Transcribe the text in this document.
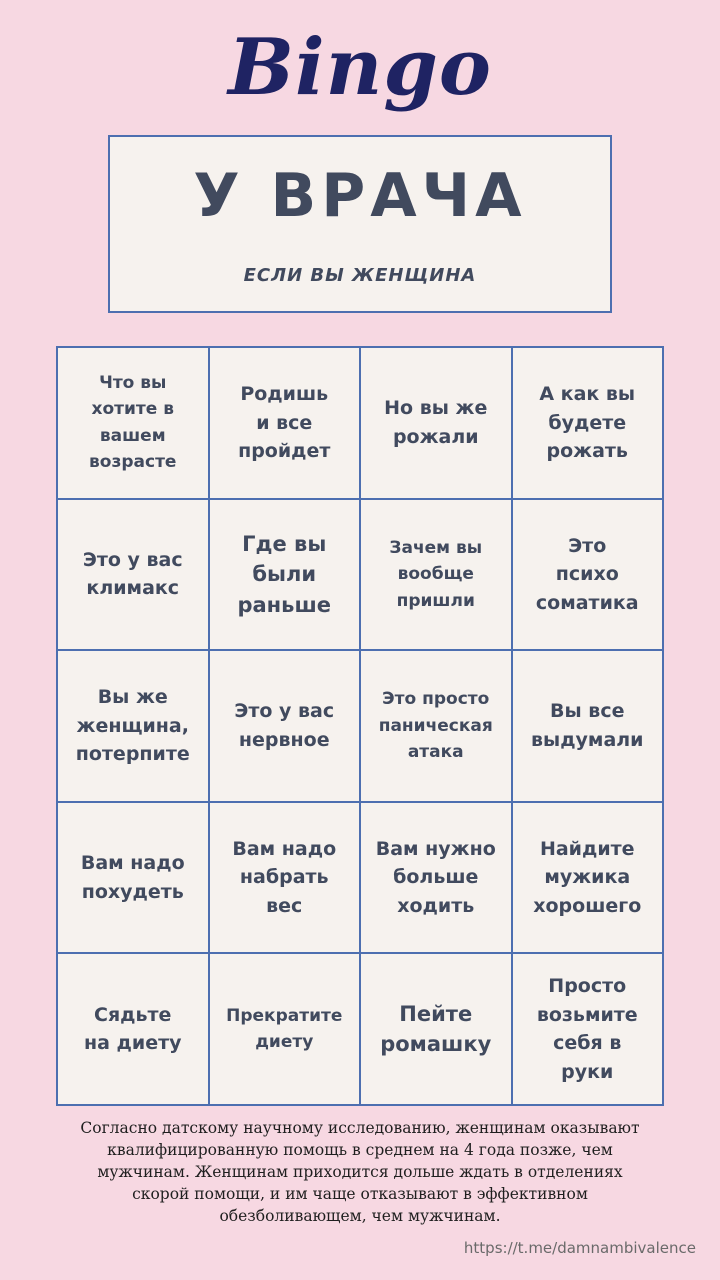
Bingo
У ВРАЧА
ЕСЛИ ВЫ ЖЕНЩИНА
Что вы
хотите в
вашем
возрасте
Родишь
и все
пройдет
Но вы же
рожали
А как вы
будете
рожать
Это у вас
климакс
Где вы
были
раньше
Зачем вы
вообще
пришли
Это
психо
соматика
Вы же
женщина,
потерпите
Это у вас
нервное
Это просто
паническая
атака
Вы все
выдумали
Вам надо
похудеть
Вам надо
набрать
вес
Вам нужно
больше
ходить
Найдите
мужика
хорошего
Сядьте
на диету
Прекратите
диету
Пейте
ромашку
Просто
возьмите
себя в
руки
Согласно датскому научному исследованию, женщинам оказывают
квалифицированную помощь в среднем на 4 года позже, чем
мужчинам. Женщинам приходится дольше ждать в отделениях
скорой помощи, и им чаще отказывают в эффективном
обезболивающем, чем мужчинам.
https://t.me/damnambivalence
